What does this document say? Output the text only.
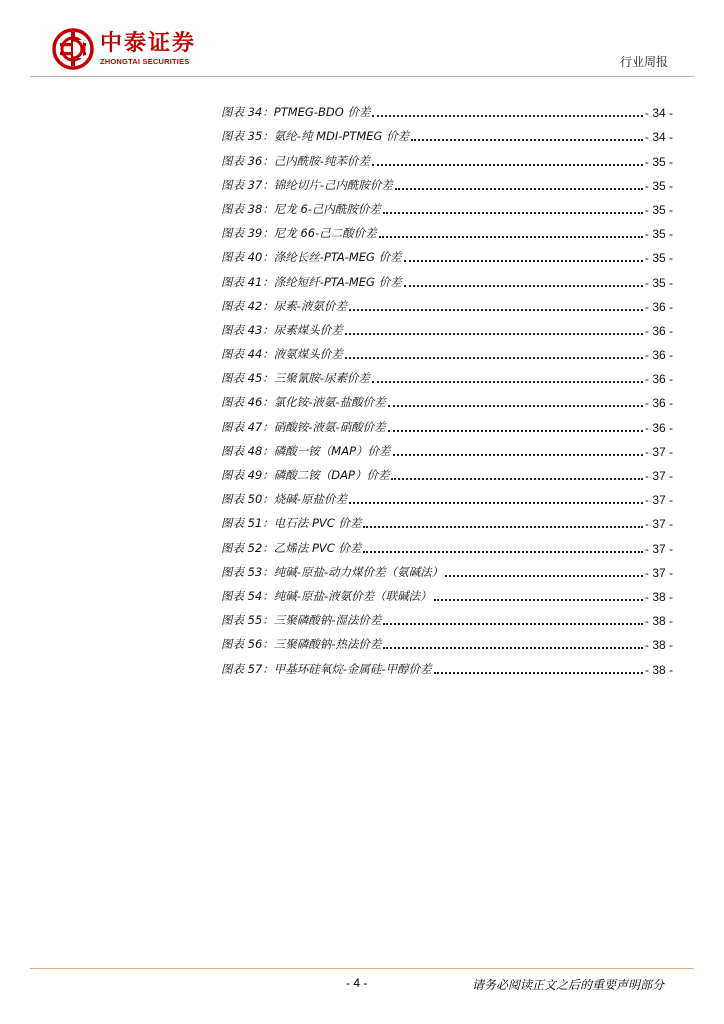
中泰证券
ZHONGTAI SECURITIES	行业周报
图表 34：PTMEG-BDO 价差	- 34 -
图表 35：氨纶-纯 MDI-PTMEG 价差	- 34 -
图表 36：己内酰胺-纯苯价差	- 35 -
图表 37：锦纶切片-己内酰胺价差	- 35 -
图表 38：尼龙 6-己内酰胺价差	- 35 -
图表 39：尼龙 66-己二酸价差	- 35 -
图表 40：涤纶长丝-PTA-MEG 价差	- 35 -
图表 41：涤纶短纤-PTA-MEG 价差	- 35 -
图表 42：尿素-液氨价差	- 36 -
图表 43：尿素煤头价差	- 36 -
图表 44：液氨煤头价差	- 36 -
图表 45：三聚氰胺-尿素价差	- 36 -
图表 46：氯化铵-液氨-盐酸价差	- 36 -
图表 47：硝酸铵-液氨-硝酸价差	- 36 -
图表 48：磷酸一铵（MAP）价差	- 37 -
图表 49：磷酸二铵（DAP）价差	- 37 -
图表 50：烧碱-原盐价差	- 37 -
图表 51：电石法 PVC 价差	- 37 -
图表 52：乙烯法 PVC 价差	- 37 -
图表 53：纯碱-原盐-动力煤价差（氨碱法）	- 37 -
图表 54：纯碱-原盐-液氨价差（联碱法）	- 38 -
图表 55：三聚磷酸钠-湿法价差	- 38 -
图表 56：三聚磷酸钠-热法价差	- 38 -
图表 57：甲基环硅氧烷-金属硅-甲醇价差	- 38 -
- 4 -	请务必阅读正文之后的重要声明部分
